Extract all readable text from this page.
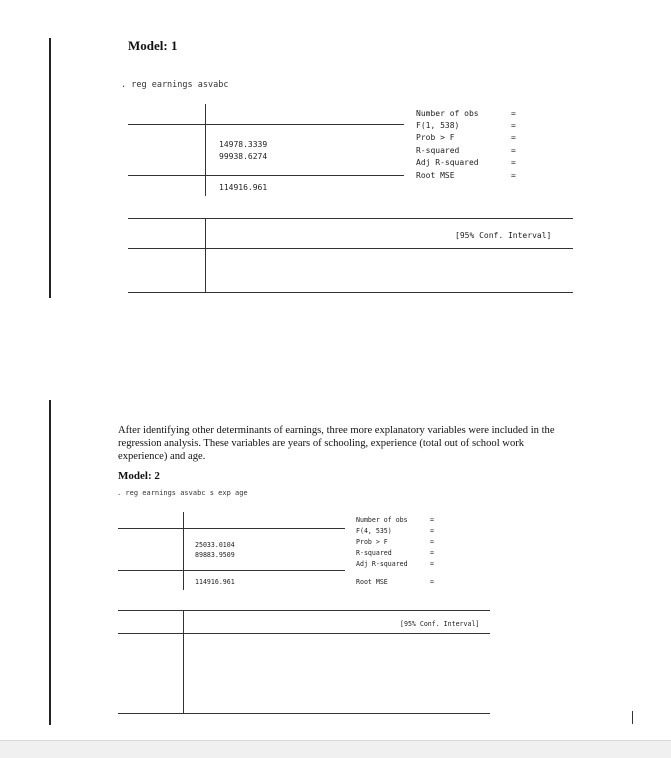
Model: 1
. reg earnings asvabc
14978.3339
99938.6274
114916.961
Number of obs	=
F(1, 538)	=
Prob > F	=
R-squared	=
Adj R-squared	=
Root MSE	=
[95% Conf. Interval]
After identifying other determinants of earnings, three more explanatory variables were included in the regression analysis. These variables are years of schooling, experience (total out of school work experience) and age.
Model: 2
. reg earnings asvabc s exp age
25033.0104
89883.9509
114916.961
Number of obs	=
F(4, 535)	=
Prob > F	=
R-squared	=
Adj R-squared	=
Root MSE	=
[95% Conf. Interval]
